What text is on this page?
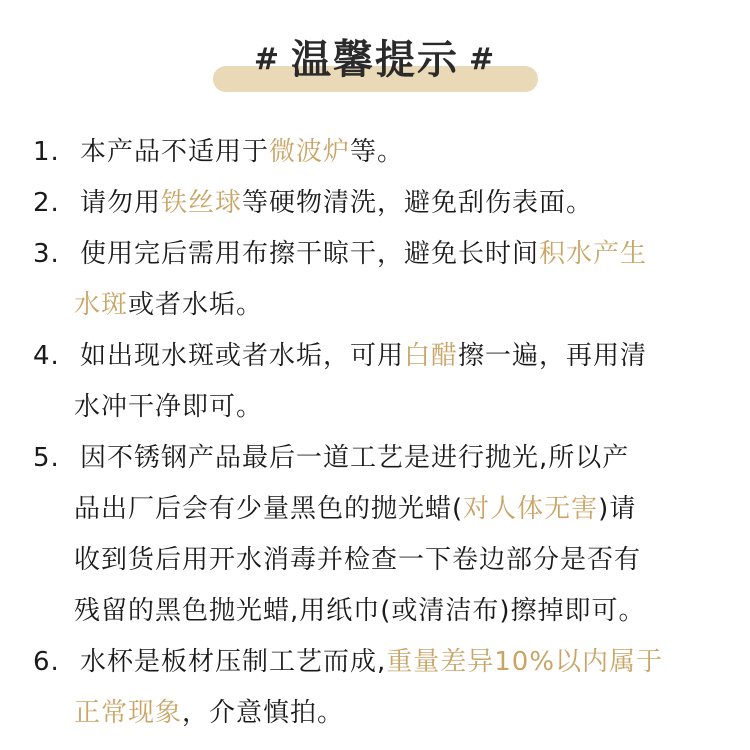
# 温馨提示 #
1. 本产品不适用于微波炉等。
2. 请勿用铁丝球等硬物清洗，避免刮伤表面。
3. 使用完后需用布擦干晾干，避免长时间积水产生
水斑或者水垢。
4. 如出现水斑或者水垢，可用白醋擦一遍，再用清
水冲干净即可。
5. 因不锈钢产品最后一道工艺是进行抛光,所以产
品出厂后会有少量黑色的抛光蜡(对人体无害)请
收到货后用开水消毒并检查一下卷边部分是否有
残留的黑色抛光蜡,用纸巾(或清洁布)擦掉即可。
6. 水杯是板材压制工艺而成,重量差异10%以内属于
正常现象，介意慎拍。
